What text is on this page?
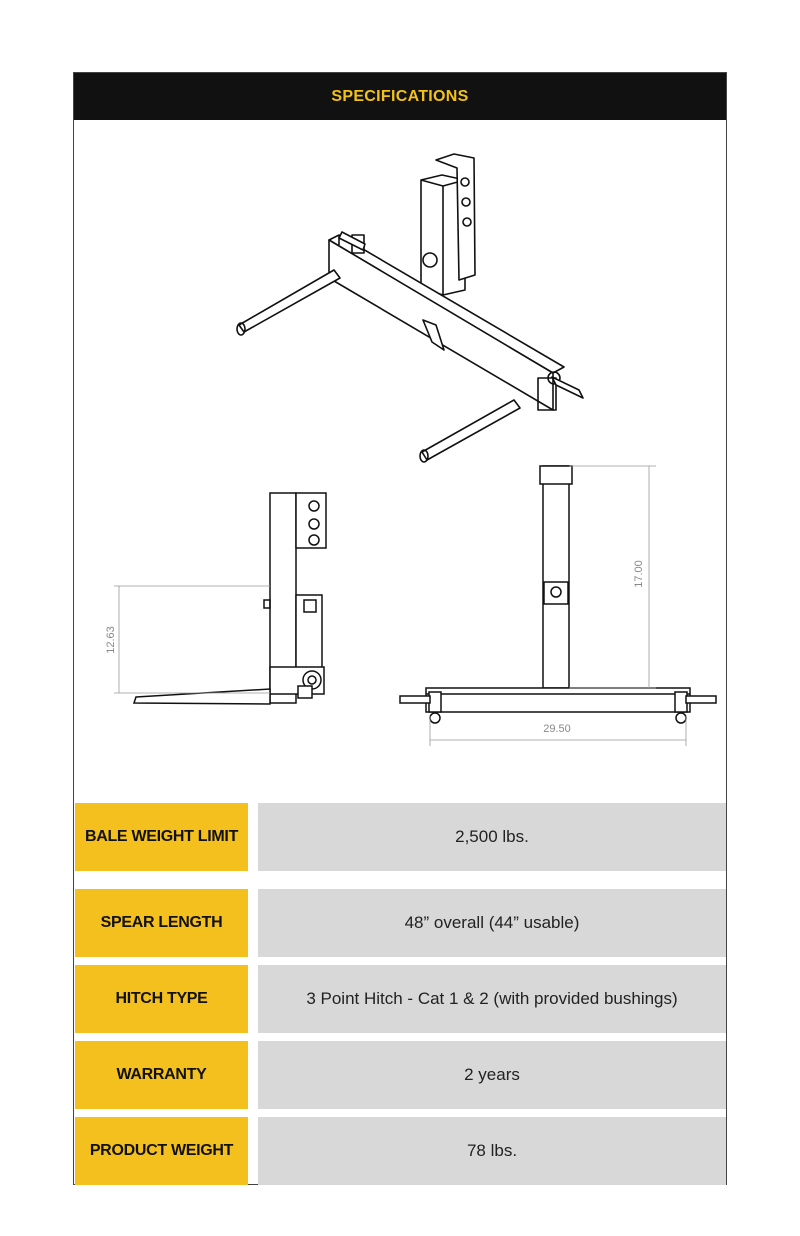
SPECIFICATIONS
12.63
17.00
29.50
BALE WEIGHT LIMIT	2,500 lbs.
SPEAR LENGTH	48” overall (44” usable)
HITCH TYPE	3 Point Hitch - Cat 1 & 2 (with provided bushings)
WARRANTY	2 years
PRODUCT WEIGHT	78 lbs.
